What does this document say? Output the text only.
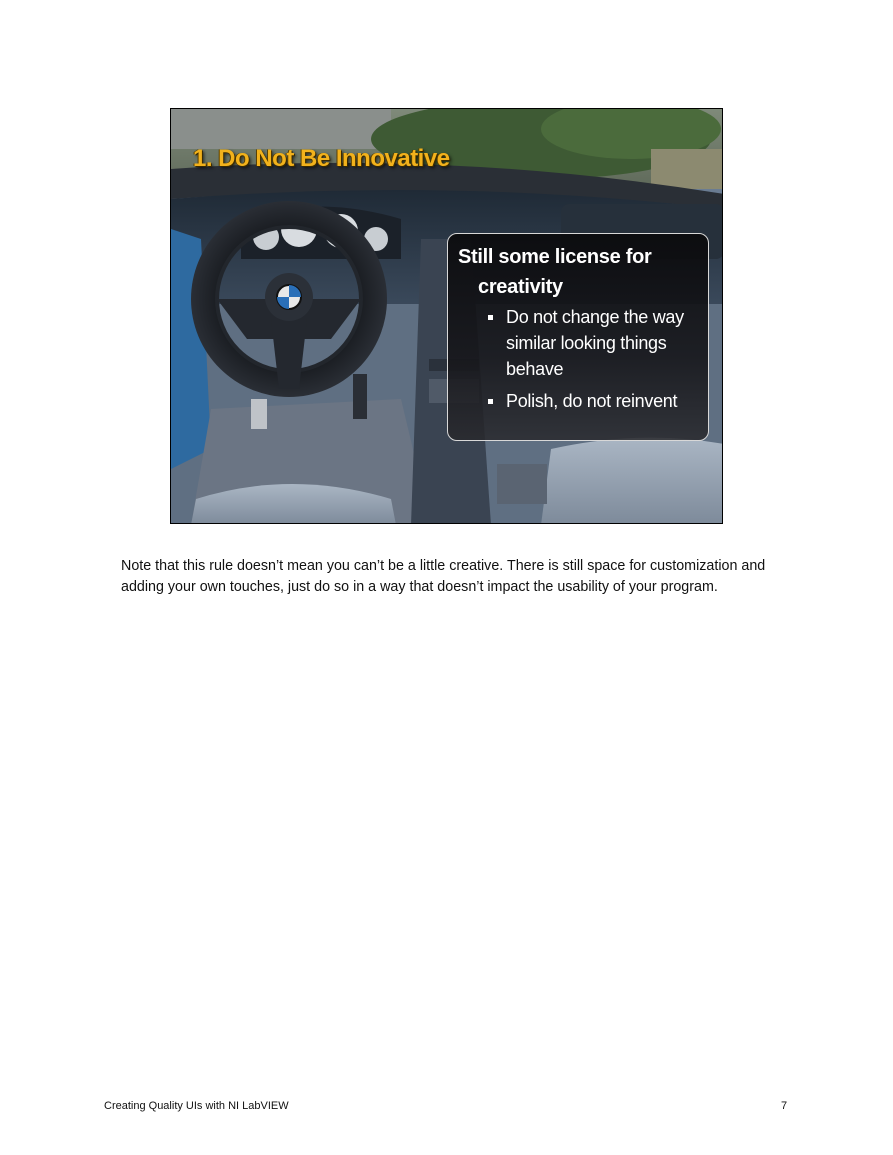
1. Do Not Be Innovative

Still some license for creativity

Do not change the way similar looking things behave
Polish, do not reinvent

Note that this rule doesn’t mean you can’t be a little creative. There is still space for customization and adding your own touches, just do so in a way that doesn’t impact the usability of your program.

Creating Quality UIs with NI LabVIEW	7
